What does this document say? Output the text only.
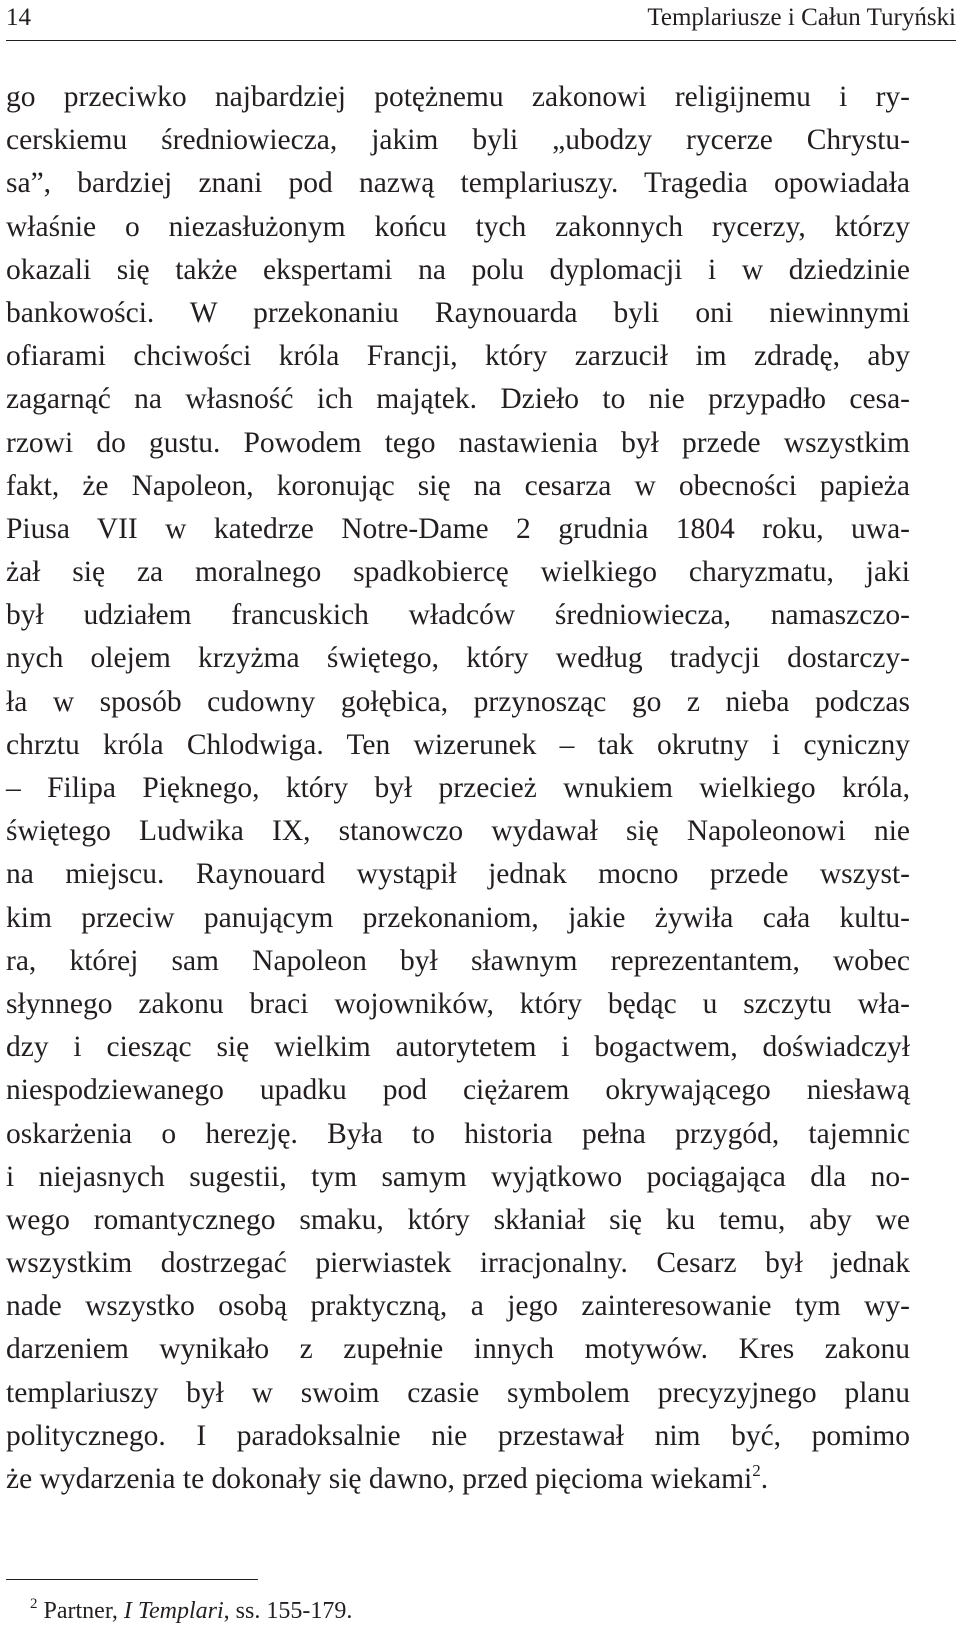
14	Templariusze i Całun Turyński
go przeciwko najbardziej potężnemu zakonowi religijnemu i ry-
cerskiemu średniowiecza, jakim byli „ubodzy rycerze Chrystu-
sa”, bardziej znani pod nazwą templariuszy. Tragedia opowiadała
właśnie o niezasłużonym końcu tych zakonnych rycerzy, którzy
okazali się także ekspertami na polu dyplomacji i w dziedzinie
bankowości. W przekonaniu Raynouarda byli oni niewinnymi
ofiarami chciwości króla Francji, który zarzucił im zdradę, aby
zagarnąć na własność ich majątek. Dzieło to nie przypadło cesa-
rzowi do gustu. Powodem tego nastawienia był przede wszystkim
fakt, że Napoleon, koronując się na cesarza w obecności papieża
Piusa VII w katedrze Notre-Dame 2 grudnia 1804 roku, uwa-
żał się za moralnego spadkobiercę wielkiego charyzmatu, jaki
był udziałem francuskich władców średniowiecza, namaszczo-
nych olejem krzyżma świętego, który według tradycji dostarczy-
ła w sposób cudowny gołębica, przynosząc go z nieba podczas
chrztu króla Chlodwiga. Ten wizerunek – tak okrutny i cyniczny
– Filipa Pięknego, który był przecież wnukiem wielkiego króla,
świętego Ludwika IX, stanowczo wydawał się Napoleonowi nie
na miejscu. Raynouard wystąpił jednak mocno przede wszyst-
kim przeciw panującym przekonaniom, jakie żywiła cała kultu-
ra, której sam Napoleon był sławnym reprezentantem, wobec
słynnego zakonu braci wojowników, który będąc u szczytu wła-
dzy i ciesząc się wielkim autorytetem i bogactwem, doświadczył
niespodziewanego upadku pod ciężarem okrywającego niesławą
oskarżenia o herezję. Była to historia pełna przygód, tajemnic
i niejasnych sugestii, tym samym wyjątkowo pociągająca dla no-
wego romantycznego smaku, który skłaniał się ku temu, aby we
wszystkim dostrzegać pierwiastek irracjonalny. Cesarz był jednak
nade wszystko osobą praktyczną, a jego zainteresowanie tym wy-
darzeniem wynikało z zupełnie innych motywów. Kres zakonu
templariuszy był w swoim czasie symbolem precyzyjnego planu
politycznego. I paradoksalnie nie przestawał nim być, pomimo
że wydarzenia te dokonały się dawno, przed pięcioma wiekami$^2$.
$^2$ Partner, I Templari, ss. 155-179.
